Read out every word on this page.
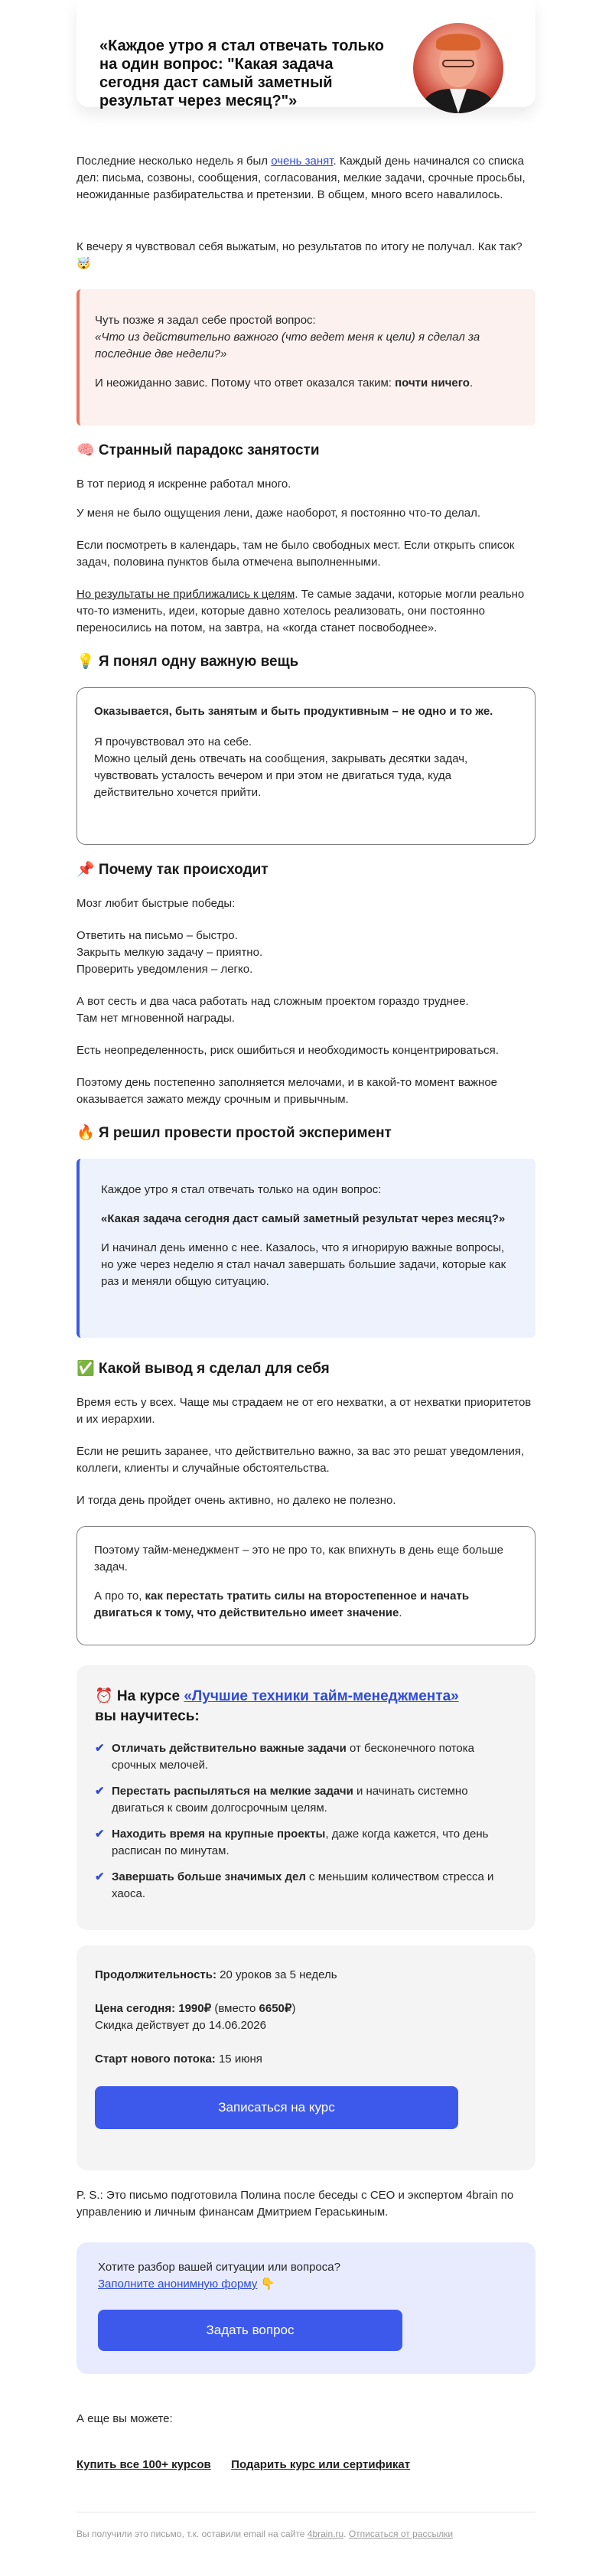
«Каждое утро я стал отвечать только на один вопрос: "Какая задача сегодня даст самый заметный результат через месяц?"»
Последние несколько недель я был очень занят. Каждый день начинался со списка дел: письма, созвоны, сообщения, согласования, мелкие задачи, срочные просьбы, неожиданные разбирательства и претензии. В общем, много всего навалилось.
К вечеру я чувствовал себя выжатым, но результатов по итогу не получал. Как так? 🤯
Чуть позже я задал себе простой вопрос:
«Что из действительно важного (что ведет меня к цели) я сделал за последние две недели?»
И неожиданно завис. Потому что ответ оказался таким: почти ничего.
🧠 Странный парадокс занятости
В тот период я искренне работал много.
У меня не было ощущения лени, даже наоборот, я постоянно что-то делал.
Если посмотреть в календарь, там не было свободных мест. Если открыть список задач, половина пунктов была отмечена выполненными.
Но результаты не приближались к целям. Те самые задачи, которые могли реально что-то изменить, идеи, которые давно хотелось реализовать, они постоянно переносились на потом, на завтра, на «когда станет посвободнее».
💡 Я понял одну важную вещь
Оказывается, быть занятым и быть продуктивным – не одно и то же.
Я прочувствовал это на себе.
Можно целый день отвечать на сообщения, закрывать десятки задач, чувствовать усталость вечером и при этом не двигаться туда, куда действительно хочется прийти.
📌 Почему так происходит
Мозг любит быстрые победы:
Ответить на письмо – быстро.
Закрыть мелкую задачу – приятно.
Проверить уведомления – легко.
А вот сесть и два часа работать над сложным проектом гораздо труднее.
Там нет мгновенной награды.
Есть неопределенность, риск ошибиться и необходимость концентрироваться.
Поэтому день постепенно заполняется мелочами, и в какой-то момент важное оказывается зажато между срочным и привычным.
🔥 Я решил провести простой эксперимент
Каждое утро я стал отвечать только на один вопрос:
«Какая задача сегодня даст самый заметный результат через месяц?»
И начинал день именно с нее. Казалось, что я игнорирую важные вопросы, но уже через неделю я стал начал завершать большие задачи, которые как раз и меняли общую ситуацию.
✅ Какой вывод я сделал для себя
Время есть у всех. Чаще мы страдаем не от его нехватки, а от нехватки приоритетов и их иерархии.
Если не решить заранее, что действительно важно, за вас это решат уведомления, коллеги, клиенты и случайные обстоятельства.
И тогда день пройдет очень активно, но далеко не полезно.
Поэтому тайм-менеджмент – это не про то, как впихнуть в день еще больше задач.
А про то, как перестать тратить силы на второстепенное и начать двигаться к тому, что действительно имеет значение.
⏰ На курсе «Лучшие техники тайм-менеджмента»
вы научитесь:
✔ Отличать действительно важные задачи от бесконечного потока срочных мелочей.
✔ Перестать распыляться на мелкие задачи и начинать системно двигаться к своим долгосрочным целям.
✔ Находить время на крупные проекты, даже когда кажется, что день расписан по минутам.
✔ Завершать больше значимых дел с меньшим количеством стресса и хаоса.
Продолжительность: 20 уроков за 5 недель
Цена сегодня: 1990₽ (вместо 6650₽)
Скидка действует до 14.06.2026
Старт нового потока: 15 июня
Записаться на курс
P. S.: Это письмо подготовила Полина после беседы с CEO и экспертом 4brain по управлению и личным финансам Дмитрием Гераськиным.
Хотите разбор вашей ситуации или вопроса?
Заполните анонимную форму 👇
Задать вопрос
А еще вы можете:
Купить все 100+ курсов Подарить курс или сертификат
Вы получили это письмо, т.к. оставили email на сайте 4brain.ru. Отписаться от рассылки
